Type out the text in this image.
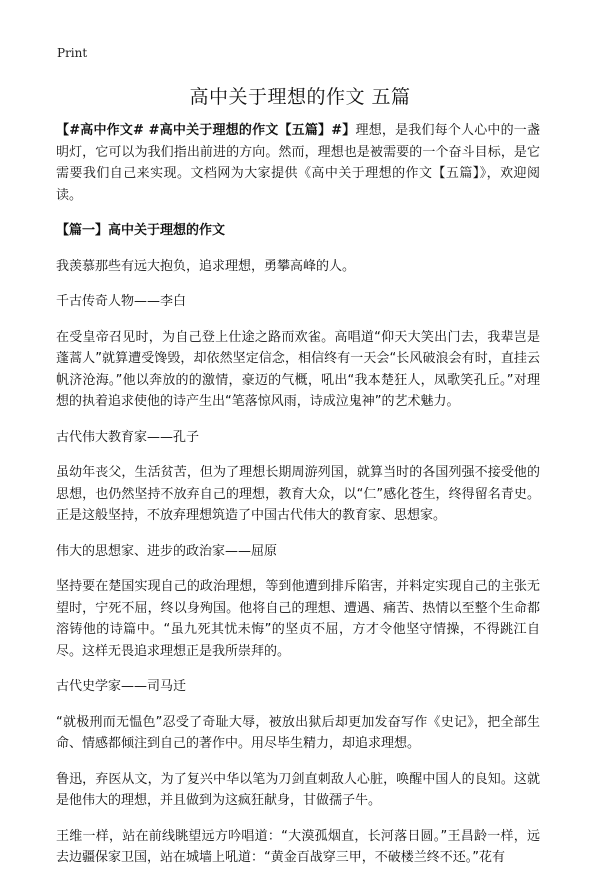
Print
高中关于理想的作文 五篇

【#高中作文# #高中关于理想的作文【五篇】#】理想，是我们每个人心中的一盏明灯，它可以为我们指出前进的方向。然而，理想也是被需要的一个奋斗目标，是它需要我们自己来实现。文档网为大家提供《高中关于理想的作文【五篇】》，欢迎阅读。

【篇一】高中关于理想的作文

我羡慕那些有远大抱负，追求理想，勇攀高峰的人。

千古传奇人物——李白

在受皇帝召见时，为自己登上仕途之路而欢雀。高唱道“仰天大笑出门去，我辈岂是蓬蒿人”就算遭受馋毁，却依然坚定信念，相信终有一天会“长风破浪会有时，直挂云帆济沧海。”他以奔放的的激情，豪迈的气概，吼出“我本楚狂人，凤歌笑孔丘。”对理想的执着追求使他的诗产生出“笔落惊风雨，诗成泣鬼神”的艺术魅力。

古代伟大教育家——孔子

虽幼年丧父，生活贫苦，但为了理想长期周游列国，就算当时的各国列强不接受他的思想，也仍然坚持不放弃自己的理想，教育大众，以“仁”感化苍生，终得留名青史。正是这般坚持，不放弃理想筑造了中国古代伟大的教育家、思想家。

伟大的思想家、进步的政治家——屈原

坚持要在楚国实现自己的政治理想，等到他遭到排斥陷害，并料定实现自己的主张无望时，宁死不屈，终以身殉国。他将自己的理想、遭遇、痛苦、热情以至整个生命都溶铸他的诗篇中。“虽九死其忧未悔”的坚贞不屈，方才令他坚守情操，不得跳江自尽。这样无畏追求理想正是我所崇拜的。

古代史学家——司马迁

“就极刑而无愠色”忍受了奇耻大辱，被放出狱后却更加发奋写作《史记》，把全部生命、情感都倾注到自己的著作中。用尽毕生精力，却追求理想。

鲁迅，弃医从文，为了复兴中华以笔为刀剑直刺敌人心脏，唤醒中国人的良知。这就是他伟大的理想，并且做到为这疯狂献身，甘做孺子牛。

王维一样，站在前线眺望远方吟唱道：“大漠孤烟直，长河落日圆。”王昌龄一样，远去边疆保家卫国，站在城墙上吼道：“黄金百战穿三甲，不破楼兰终不还。”花有
